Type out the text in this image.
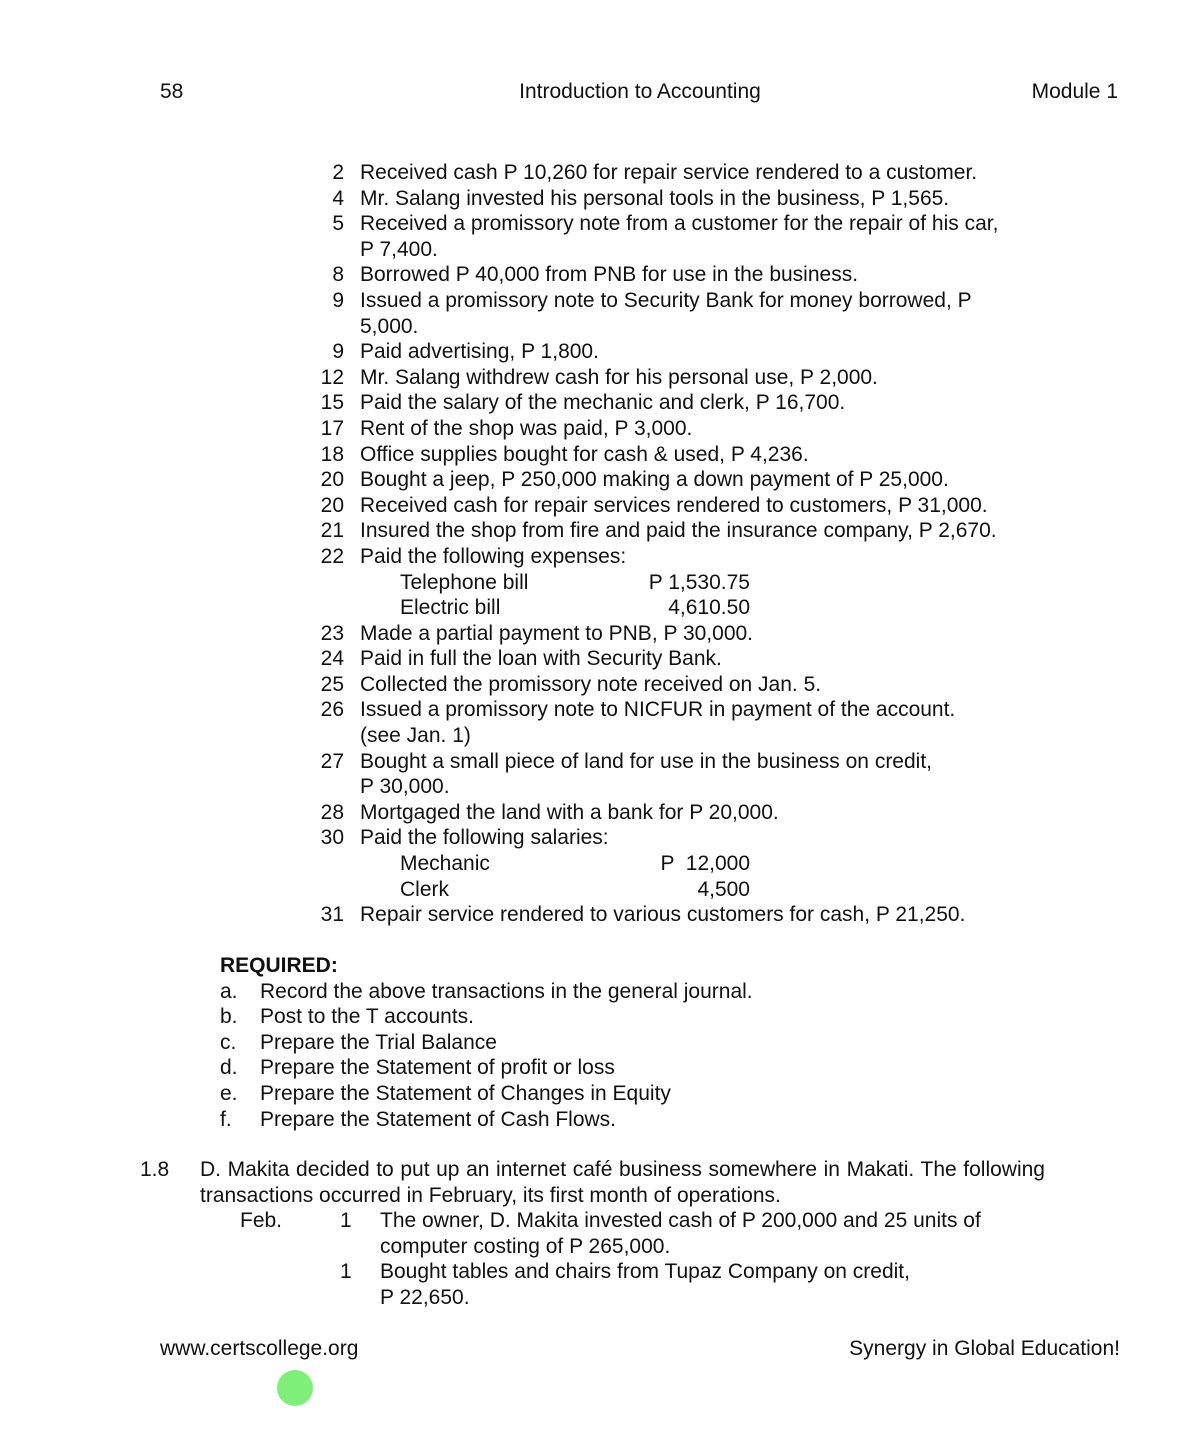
58	Introduction to Accounting	Module 1
2 Received cash P 10,260 for repair service rendered to a customer.
4 Mr. Salang invested his personal tools in the business, P 1,565.
5 Received a promissory note from a customer for the repair of his car,
P 7,400.
8 Borrowed P 40,000 from PNB for use in the business.
9 Issued a promissory note to Security Bank for money borrowed, P
5,000.
9 Paid advertising, P 1,800.
12 Mr. Salang withdrew cash for his personal use, P 2,000.
15 Paid the salary of the mechanic and clerk, P 16,700.
17 Rent of the shop was paid, P 3,000.
18 Office supplies bought for cash & used, P 4,236.
20 Bought a jeep, P 250,000 making a down payment of P 25,000.
20 Received cash for repair services rendered to customers, P 31,000.
21 Insured the shop from fire and paid the insurance company, P 2,670.
22 Paid the following expenses:
Telephone bill	P 1,530.75
Electric bill	4,610.50
23 Made a partial payment to PNB, P 30,000.
24 Paid in full the loan with Security Bank.
25 Collected the promissory note received on Jan. 5.
26 Issued a promissory note to NICFUR in payment of the account.
(see Jan. 1)
27 Bought a small piece of land for use in the business on credit,
P 30,000.
28 Mortgaged the land with a bank for P 20,000.
30 Paid the following salaries:
Mechanic	P  12,000
Clerk	4,500
31 Repair service rendered to various customers for cash, P 21,250.
REQUIRED:
a.	Record the above transactions in the general journal.
b.	Post to the T accounts.
c.	Prepare the Trial Balance
d.	Prepare the Statement of profit or loss
e.	Prepare the Statement of Changes in Equity
f.	Prepare the Statement of Cash Flows.
1.8 D. Makita decided to put up an internet café business somewhere in Makati. The following transactions occurred in February, its first month of operations.
Feb.	1	The owner, D. Makita invested cash of P 200,000 and 25 units of
computer costing of P 265,000.
1	Bought tables and chairs from Tupaz Company on credit,
P 22,650.
www.certscollege.org	Synergy in Global Education!
